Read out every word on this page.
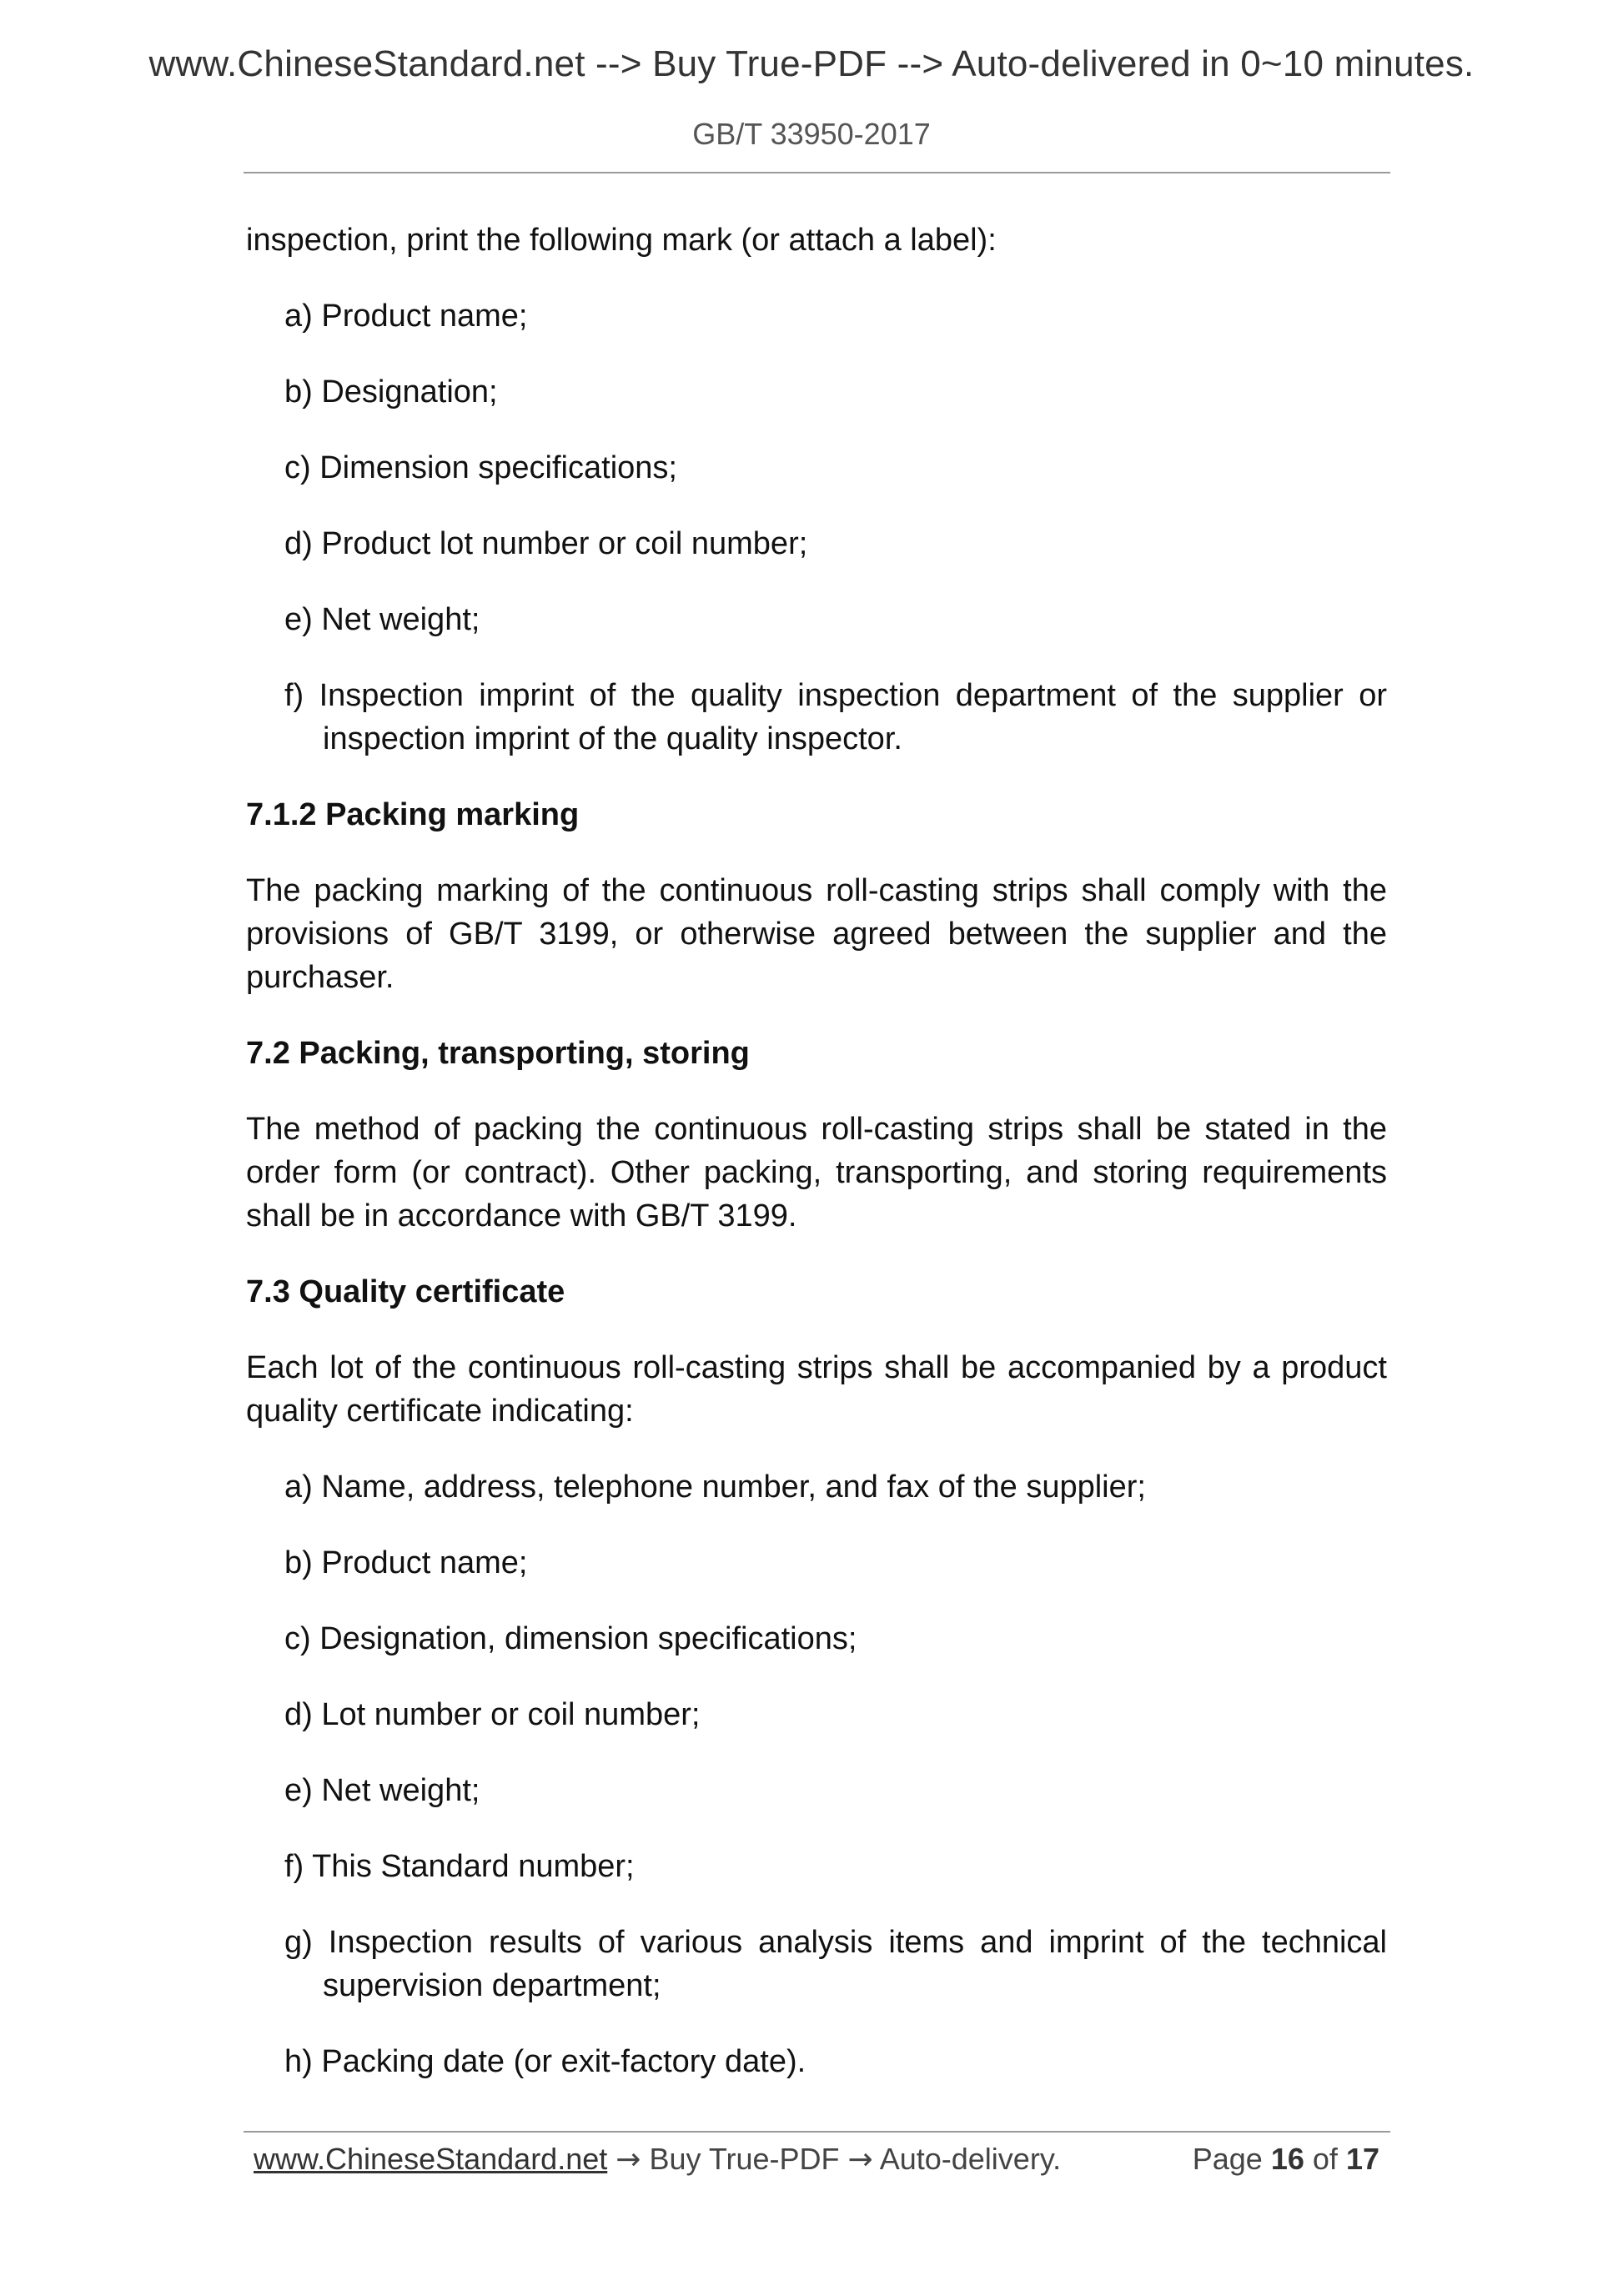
www.ChineseStandard.net --> Buy True-PDF --> Auto-delivered in 0~10 minutes.
GB/T 33950-2017

inspection, print the following mark (or attach a label):

a) Product name;

b) Designation;

c) Dimension specifications;

d) Product lot number or coil number;

e) Net weight;

f) Inspection imprint of the quality inspection department of the supplier or inspection imprint of the quality inspector.

7.1.2 Packing marking

The packing marking of the continuous roll-casting strips shall comply with the provisions of GB/T 3199, or otherwise agreed between the supplier and the purchaser.

7.2 Packing, transporting, storing

The method of packing the continuous roll-casting strips shall be stated in the order form (or contract). Other packing, transporting, and storing requirements shall be in accordance with GB/T 3199.

7.3 Quality certificate

Each lot of the continuous roll-casting strips shall be accompanied by a product quality certificate indicating:

a) Name, address, telephone number, and fax of the supplier;

b) Product name;

c) Designation, dimension specifications;

d) Lot number or coil number;

e) Net weight;

f) This Standard number;

g) Inspection results of various analysis items and imprint of the technical supervision department;

h) Packing date (or exit-factory date).

www.ChineseStandard.net → Buy True-PDF → Auto-delivery.	Page 16 of 17
